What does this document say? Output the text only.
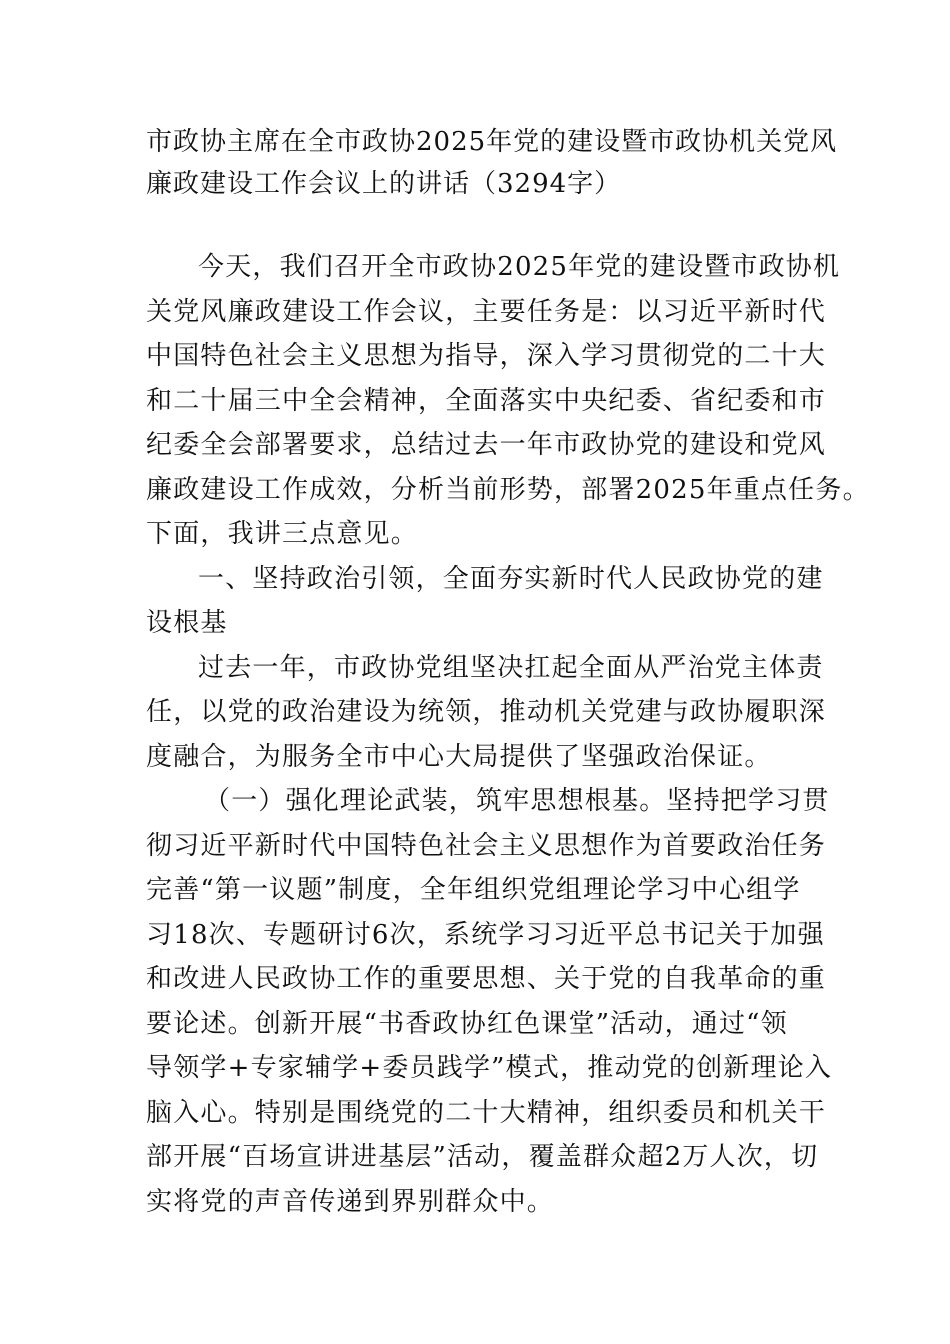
市政协主席在全市政协2025年党的建设暨市政协机关党风
廉政建设工作会议上的讲话（3294字）

今天，我们召开全市政协2025年党的建设暨市政协机
关党风廉政建设工作会议，主要任务是：以习近平新时代
中国特色社会主义思想为指导，深入学习贯彻党的二十大
和二十届三中全会精神，全面落实中央纪委、省纪委和市
纪委全会部署要求，总结过去一年市政协党的建设和党风
廉政建设工作成效，分析当前形势，部署2025年重点任务。
下面，我讲三点意见。

一、坚持政治引领，全面夯实新时代人民政协党的建
设根基

过去一年，市政协党组坚决扛起全面从严治党主体责
任，以党的政治建设为统领，推动机关党建与政协履职深
度融合，为服务全市中心大局提供了坚强政治保证。

（一）强化理论武装，筑牢思想根基。坚持把学习贯
彻习近平新时代中国特色社会主义思想作为首要政治任务
完善“第一议题”制度，全年组织党组理论学习中心组学
习18次、专题研讨6次，系统学习习近平总书记关于加强
和改进人民政协工作的重要思想、关于党的自我革命的重
要论述。创新开展“书香政协红色课堂”活动，通过“领
导领学+专家辅学+委员践学”模式，推动党的创新理论入
脑入心。特别是围绕党的二十大精神，组织委员和机关干
部开展“百场宣讲进基层”活动，覆盖群众超2万人次，切
实将党的声音传递到界别群众中。
